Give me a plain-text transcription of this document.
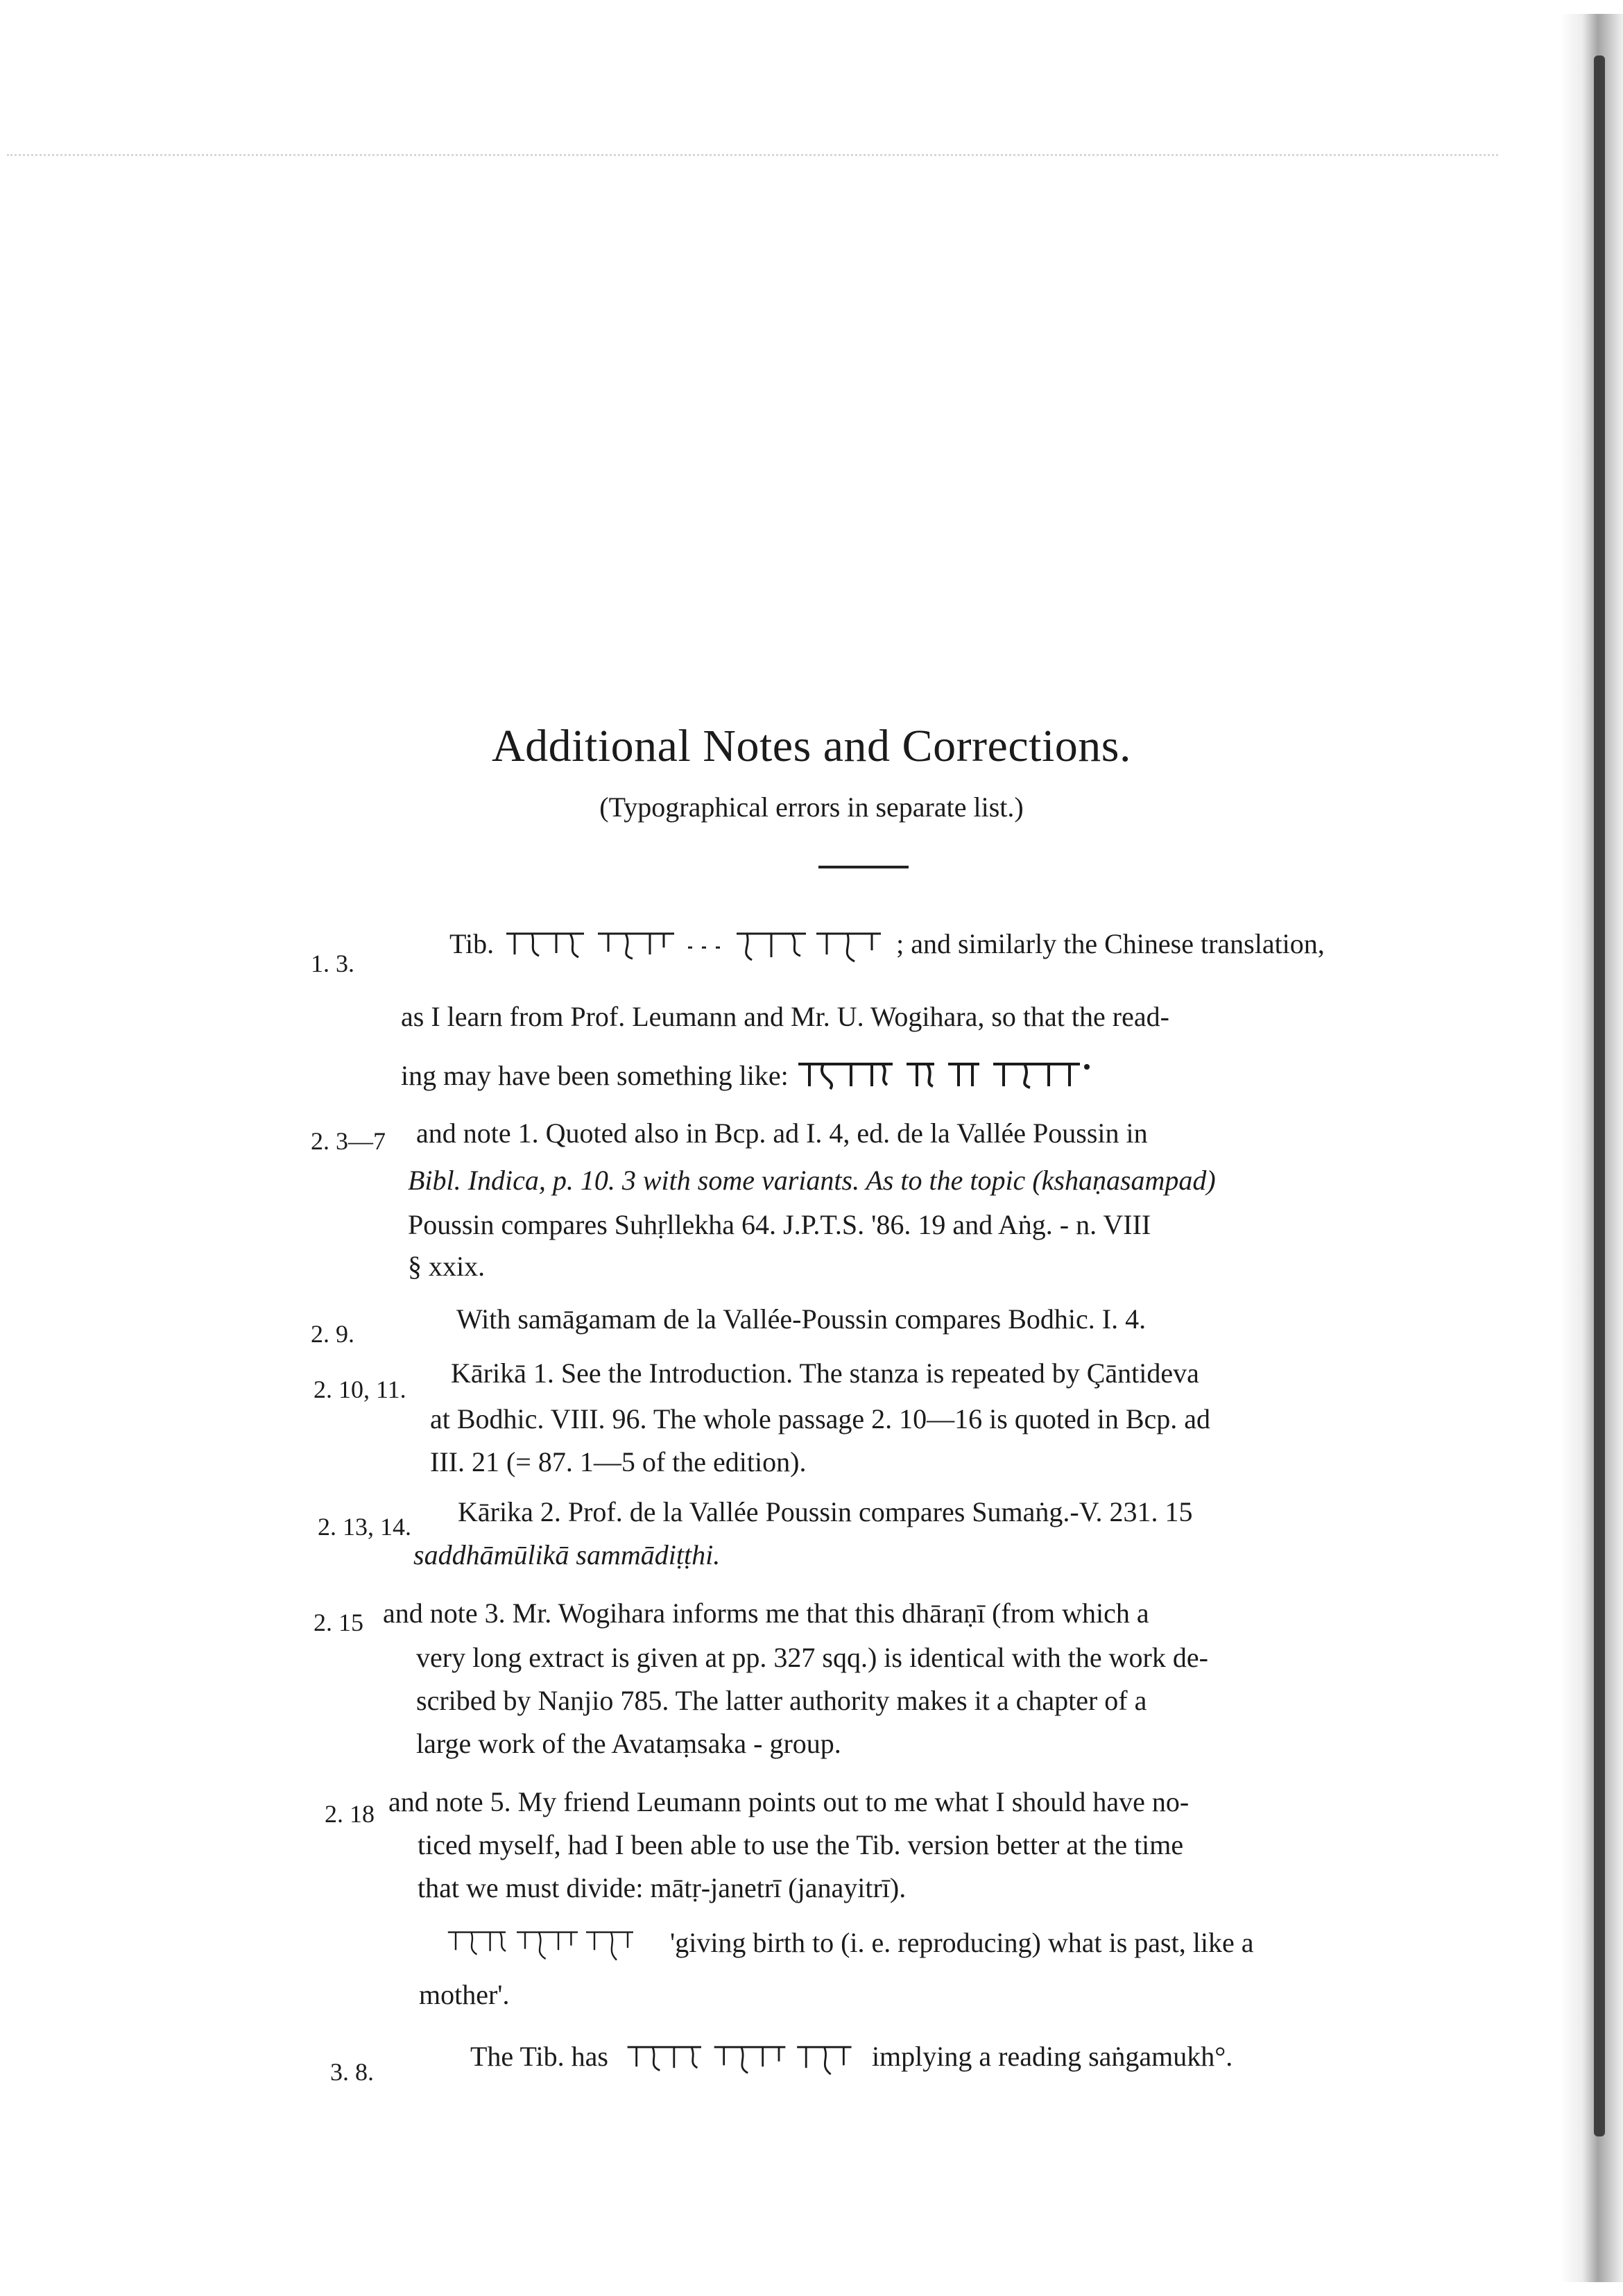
Additional Notes and Corrections.
(Typographical errors in separate list.)
1. 3.
Tib.	; and similarly the Chinese translation,
as I learn from Prof. Leumann and Mr. U. Wogihara, so that the read-
ing may have been something like:
2. 3—7 and note 1. Quoted also in Bcp. ad I. 4, ed. de la Vallée Poussin in
Bibl. Indica, p. 10. 3 with some variants. As to the topic (kshaṇasampad)
Poussin compares Suhṛllekha 64. J.P.T.S. '86. 19 and Aṅg. - n. VIII
§ xxix.
2. 9.	With samāgamam de la Vallée-Poussin compares Bodhic. I. 4.
2. 10, 11.
Kārikā 1. See the Introduction. The stanza is repeated by Çāntideva
at Bodhic. VIII. 96. The whole passage 2. 10—16 is quoted in Bcp. ad
III. 21 (= 87. 1—5 of the edition).
2. 13, 14. Kārika 2. Prof. de la Vallée Poussin compares Sumaṅg.-V. 231. 15
saddhāmūlikā sammādiṭṭhi.
2. 15 and note 3. Mr. Wogihara informs me that this dhāraṇī (from which a
very long extract is given at pp. 327 sqq.) is identical with the work de-
scribed by Nanjio 785. The latter authority makes it a chapter of a
large work of the Avataṃsaka - group.
2. 18 and note 5. My friend Leumann points out to me what I should have no-
ticed myself, had I been able to use the Tib. version better at the time
that we must divide: mātṛ-janetrī (janayitrī).
'giving birth to (i. e. reproducing) what is past, like a
mother'.
3. 8.	The Tib. has	implying a reading saṅgamukh°.
